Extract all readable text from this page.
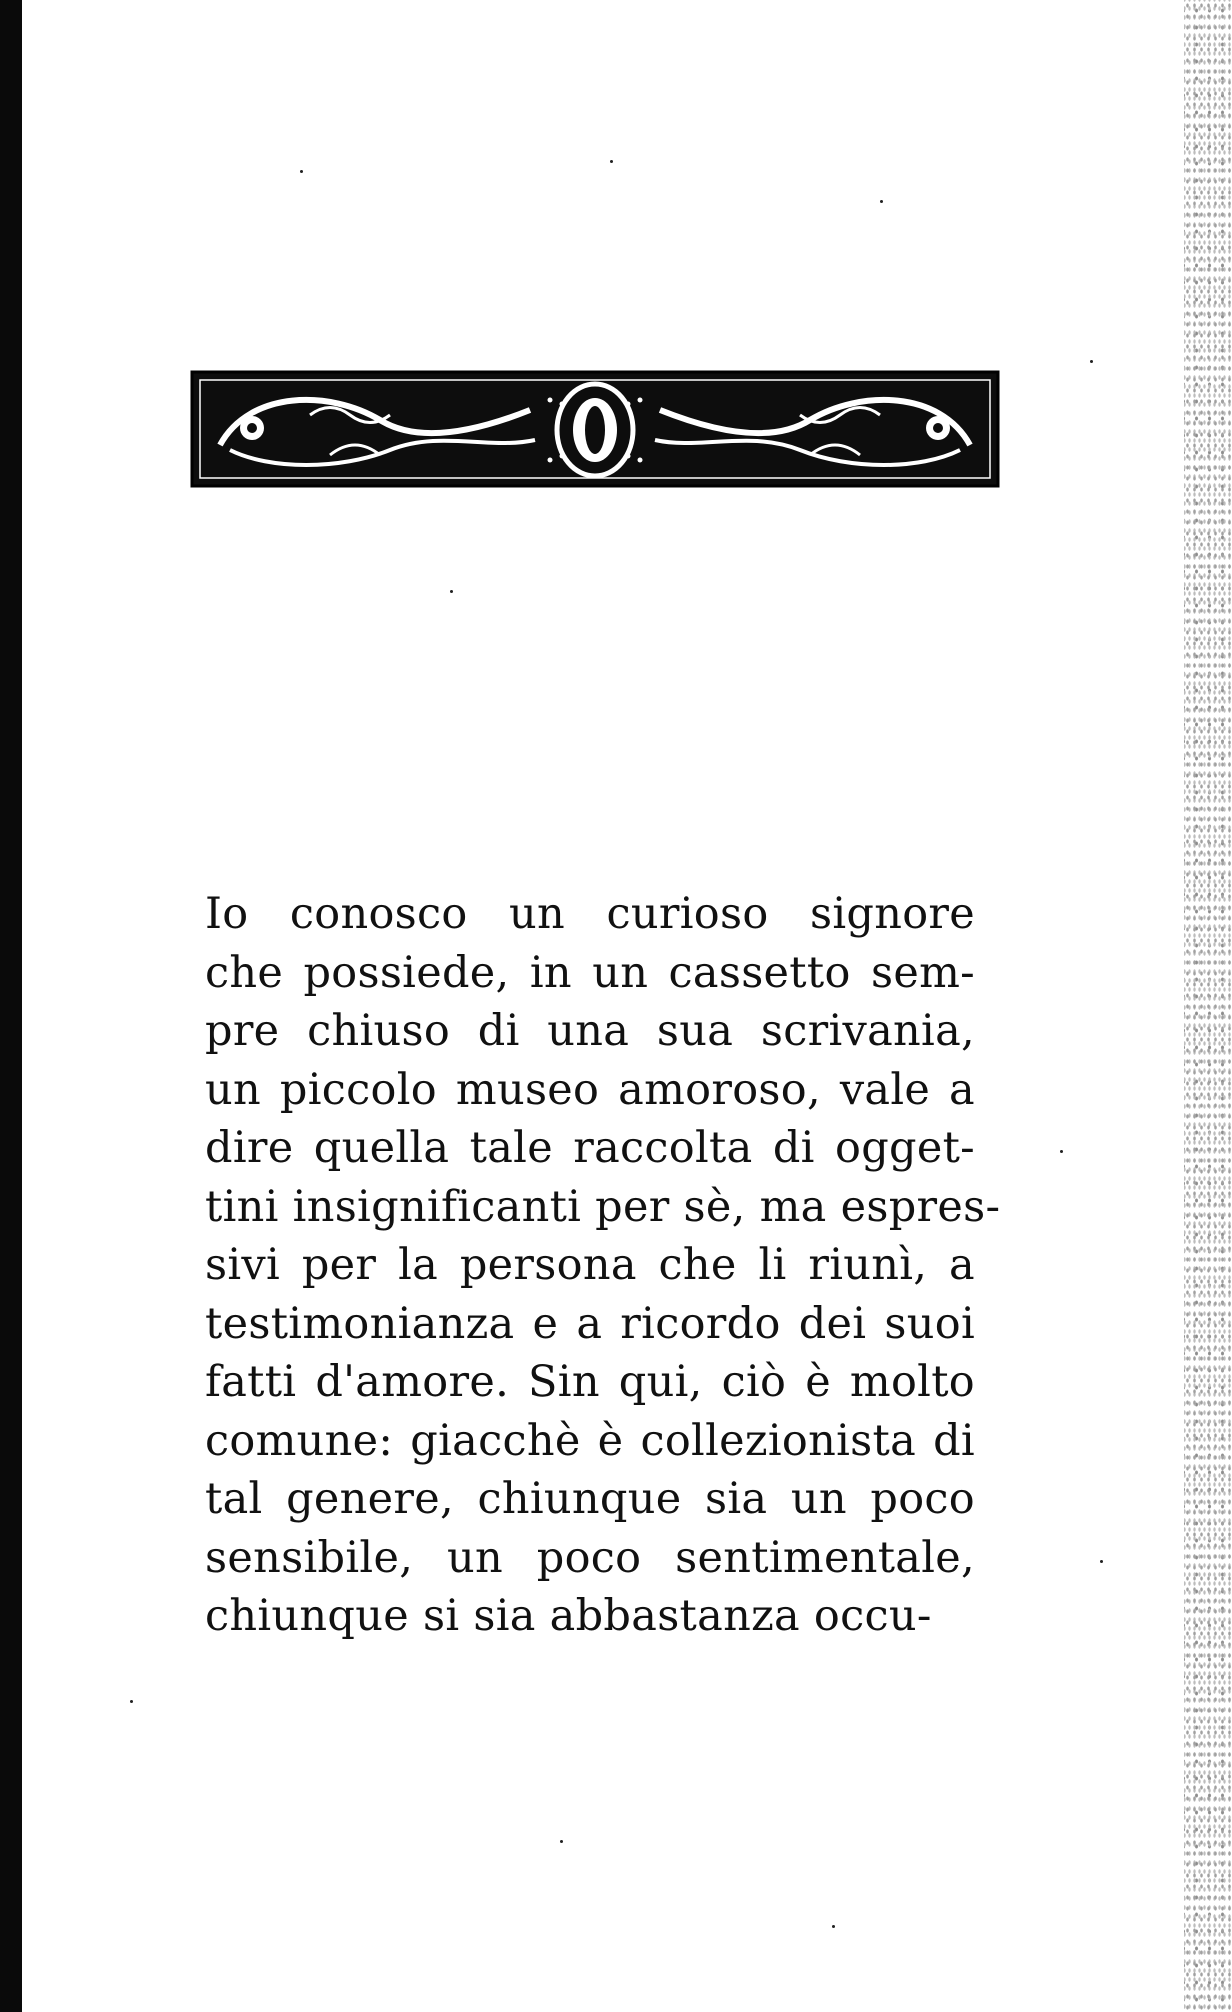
Io conosco un curioso signore
che possiede, in un cassetto sem-
pre chiuso di una sua scrivania,
un piccolo museo amoroso, vale a
dire quella tale raccolta di ogget-
tini insignificanti per sè, ma espres-
sivi per la persona che li riunì, a
testimonianza e a ricordo dei suoi
fatti d'amore. Sin qui, ciò è molto
comune: giacchè è collezionista di
tal genere, chiunque sia un poco
sensibile, un poco sentimentale,
chiunque si sia abbastanza occu-
